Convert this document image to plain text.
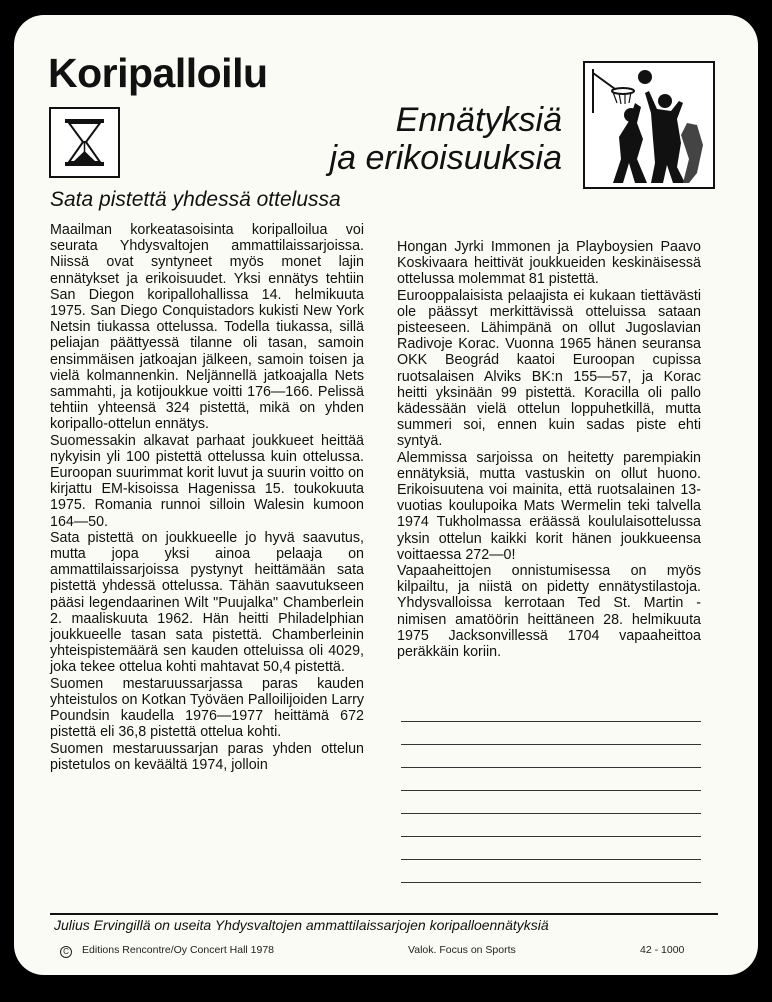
Koripalloilu
Ennätyksiä
ja erikoisuuksia
Sata pistettä yhdessä ottelussa

Maailman korkeatasoisinta koripalloilua voi seurata Yhdysvaltojen ammattilaissarjoissa. Niissä ovat syntyneet myös monet lajin ennätykset ja erikoisuudet. Yksi ennätys tehtiin San Diegon koripallohallissa 14. helmikuuta 1975. San Diego Conquistadors kukisti New York Netsin tiukassa ottelussa. Todella tiukassa, sillä peliajan päättyessä tilanne oli tasan, samoin ensimmäisen jatkoajan jälkeen, samoin toisen ja vielä kolmannenkin. Neljännellä jatkoajalla Nets sammahti, ja kotijoukkue voitti 176—166. Pelissä tehtiin yhteensä 324 pistettä, mikä on yhden koripallo-ottelun ennätys.

Suomessakin alkavat parhaat joukkueet heittää nykyisin yli 100 pistettä ottelussa kuin ottelussa. Euroopan suurimmat korit luvut ja suurin voitto on kirjattu EM-kisoissa Hagenissa 15. toukokuuta 1975. Romania runnoi silloin Walesin kumoon 164—50.

Sata pistettä on joukkueelle jo hyvä saavutus, mutta jopa yksi ainoa pelaaja on ammattilaissarjoissa pystynyt heittämään sata pistettä yhdessä ottelussa. Tähän saavutukseen pääsi legendaarinen Wilt "Puujalka" Chamberlein 2. maaliskuuta 1962. Hän heitti Philadelphian joukkueelle tasan sata pistettä. Chamberleinin yhteispistemäärä sen kauden otteluissa oli 4029, joka tekee ottelua kohti mahtavat 50,4 pistettä.

Suomen mestaruussarjassa paras kauden yhteistulos on Kotkan Työväen Palloilijoiden Larry Poundsin kaudella 1976—1977 heittämä 672 pistettä eli 36,8 pistettä ottelua kohti.

Suomen mestaruussarjan paras yhden ottelun pistetulos on keväältä 1974, jolloin

Hongan Jyrki Immonen ja Playboysien Paavo Koskivaara heittivät joukkueiden keskinäisessä ottelussa molemmat 81 pistettä.

Eurooppalaisista pelaajista ei kukaan tiettävästi ole päässyt merkittävissä otteluissa sataan pisteeseen. Lähimpänä on ollut Jugoslavian Radivoje Korac. Vuonna 1965 hänen seuransa OKK Beográd kaatoi Euroopan cupissa ruotsalaisen Alviks BK:n 155—57, ja Korac heitti yksinään 99 pistettä. Koracilla oli pallo kädessään vielä ottelun loppuhetkillä, mutta summeri soi, ennen kuin sadas piste ehti syntyä.

Alemmissa sarjoissa on heitetty parempiakin ennätyksiä, mutta vastuskin on ollut huono. Erikoisuutena voi mainita, että ruotsalainen 13-vuotias koulupoika Mats Wermelin teki talvella 1974 Tukholmassa eräässä koululaisottelussa yksin ottelun kaikki korit hänen joukkueensa voittaessa 272—0!

Vapaaheittojen onnistumisessa on myös kilpailtu, ja niistä on pidetty ennätystilastoja. Yhdysvalloissa kerrotaan Ted St. Martin -nimisen amatöörin heittäneen 28. helmikuuta 1975 Jacksonvillessä 1704 vapaaheittoa peräkkäin koriin.

Julius Ervingillä on useita Yhdysvaltojen ammattilaissarjojen koripalloennätyksiä

C Editions Rencontre/Oy Concert Hall 1978	Valok. Focus on Sports	42 - 1000
